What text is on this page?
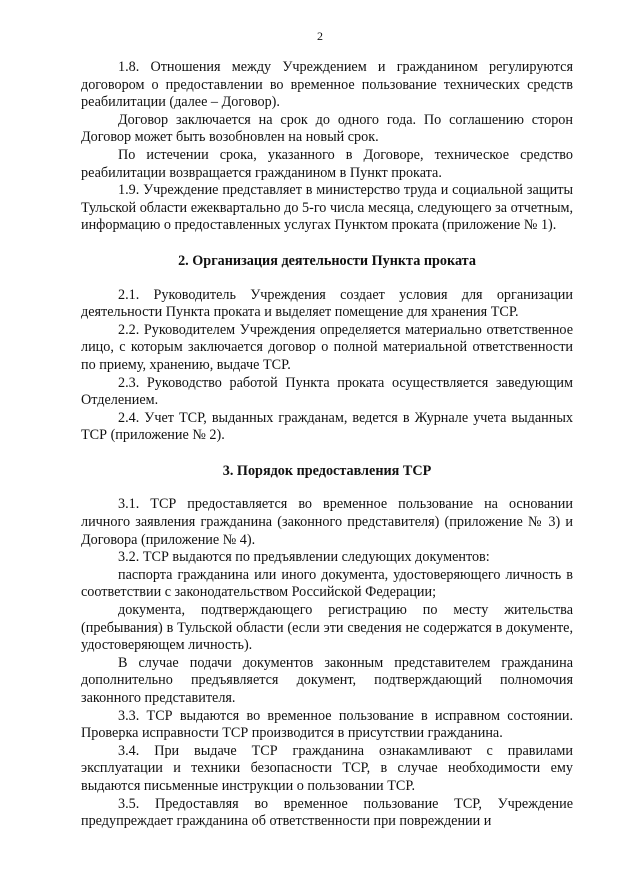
2

1.8. Отношения между Учреждением и гражданином регулируются договором о предоставлении во временное пользование технических средств реабилитации (далее – Договор).

Договор заключается на срок до одного года. По соглашению сторон Договор может быть возобновлен на новый срок.

По истечении срока, указанного в Договоре, техническое средство реабилитации возвращается гражданином в Пункт проката.

1.9. Учреждение представляет в министерство труда и социальной защиты Тульской области ежеквартально до 5-го числа месяца, следующего за отчетным, информацию о предоставленных услугах Пунктом проката (приложение № 1).

2. Организация деятельности Пункта проката

2.1. Руководитель Учреждения создает условия для организации деятельности Пункта проката и выделяет помещение для хранения ТСР.

2.2. Руководителем Учреждения определяется материально ответственное лицо, с которым заключается договор о полной материальной ответственности по приему, хранению, выдаче ТСР.

2.3. Руководство работой Пункта проката осуществляется заведующим Отделением.

2.4. Учет ТСР, выданных гражданам, ведется в Журнале учета выданных ТСР (приложение № 2).

3. Порядок предоставления ТСР

3.1. ТСР предоставляется во временное пользование на основании личного заявления гражданина (законного представителя) (приложение № 3) и Договора (приложение № 4).

3.2. ТСР выдаются по предъявлении следующих документов:

паспорта гражданина или иного документа, удостоверяющего личность в соответствии с законодательством Российской Федерации;

документа, подтверждающего регистрацию по месту жительства (пребывания) в Тульской области (если эти сведения не содержатся в документе, удостоверяющем личность).

В случае подачи документов законным представителем гражданина дополнительно предъявляется документ, подтверждающий полномочия законного представителя.

3.3. ТСР выдаются во временное пользование в исправном состоянии. Проверка исправности ТСР производится в присутствии гражданина.

3.4. При выдаче ТСР гражданина ознакамливают с правилами эксплуатации и техники безопасности ТСР, в случае необходимости ему выдаются письменные инструкции о пользовании ТСР.

3.5. Предоставляя во временное пользование ТСР, Учреждение предупреждает гражданина об ответственности при повреждении и
